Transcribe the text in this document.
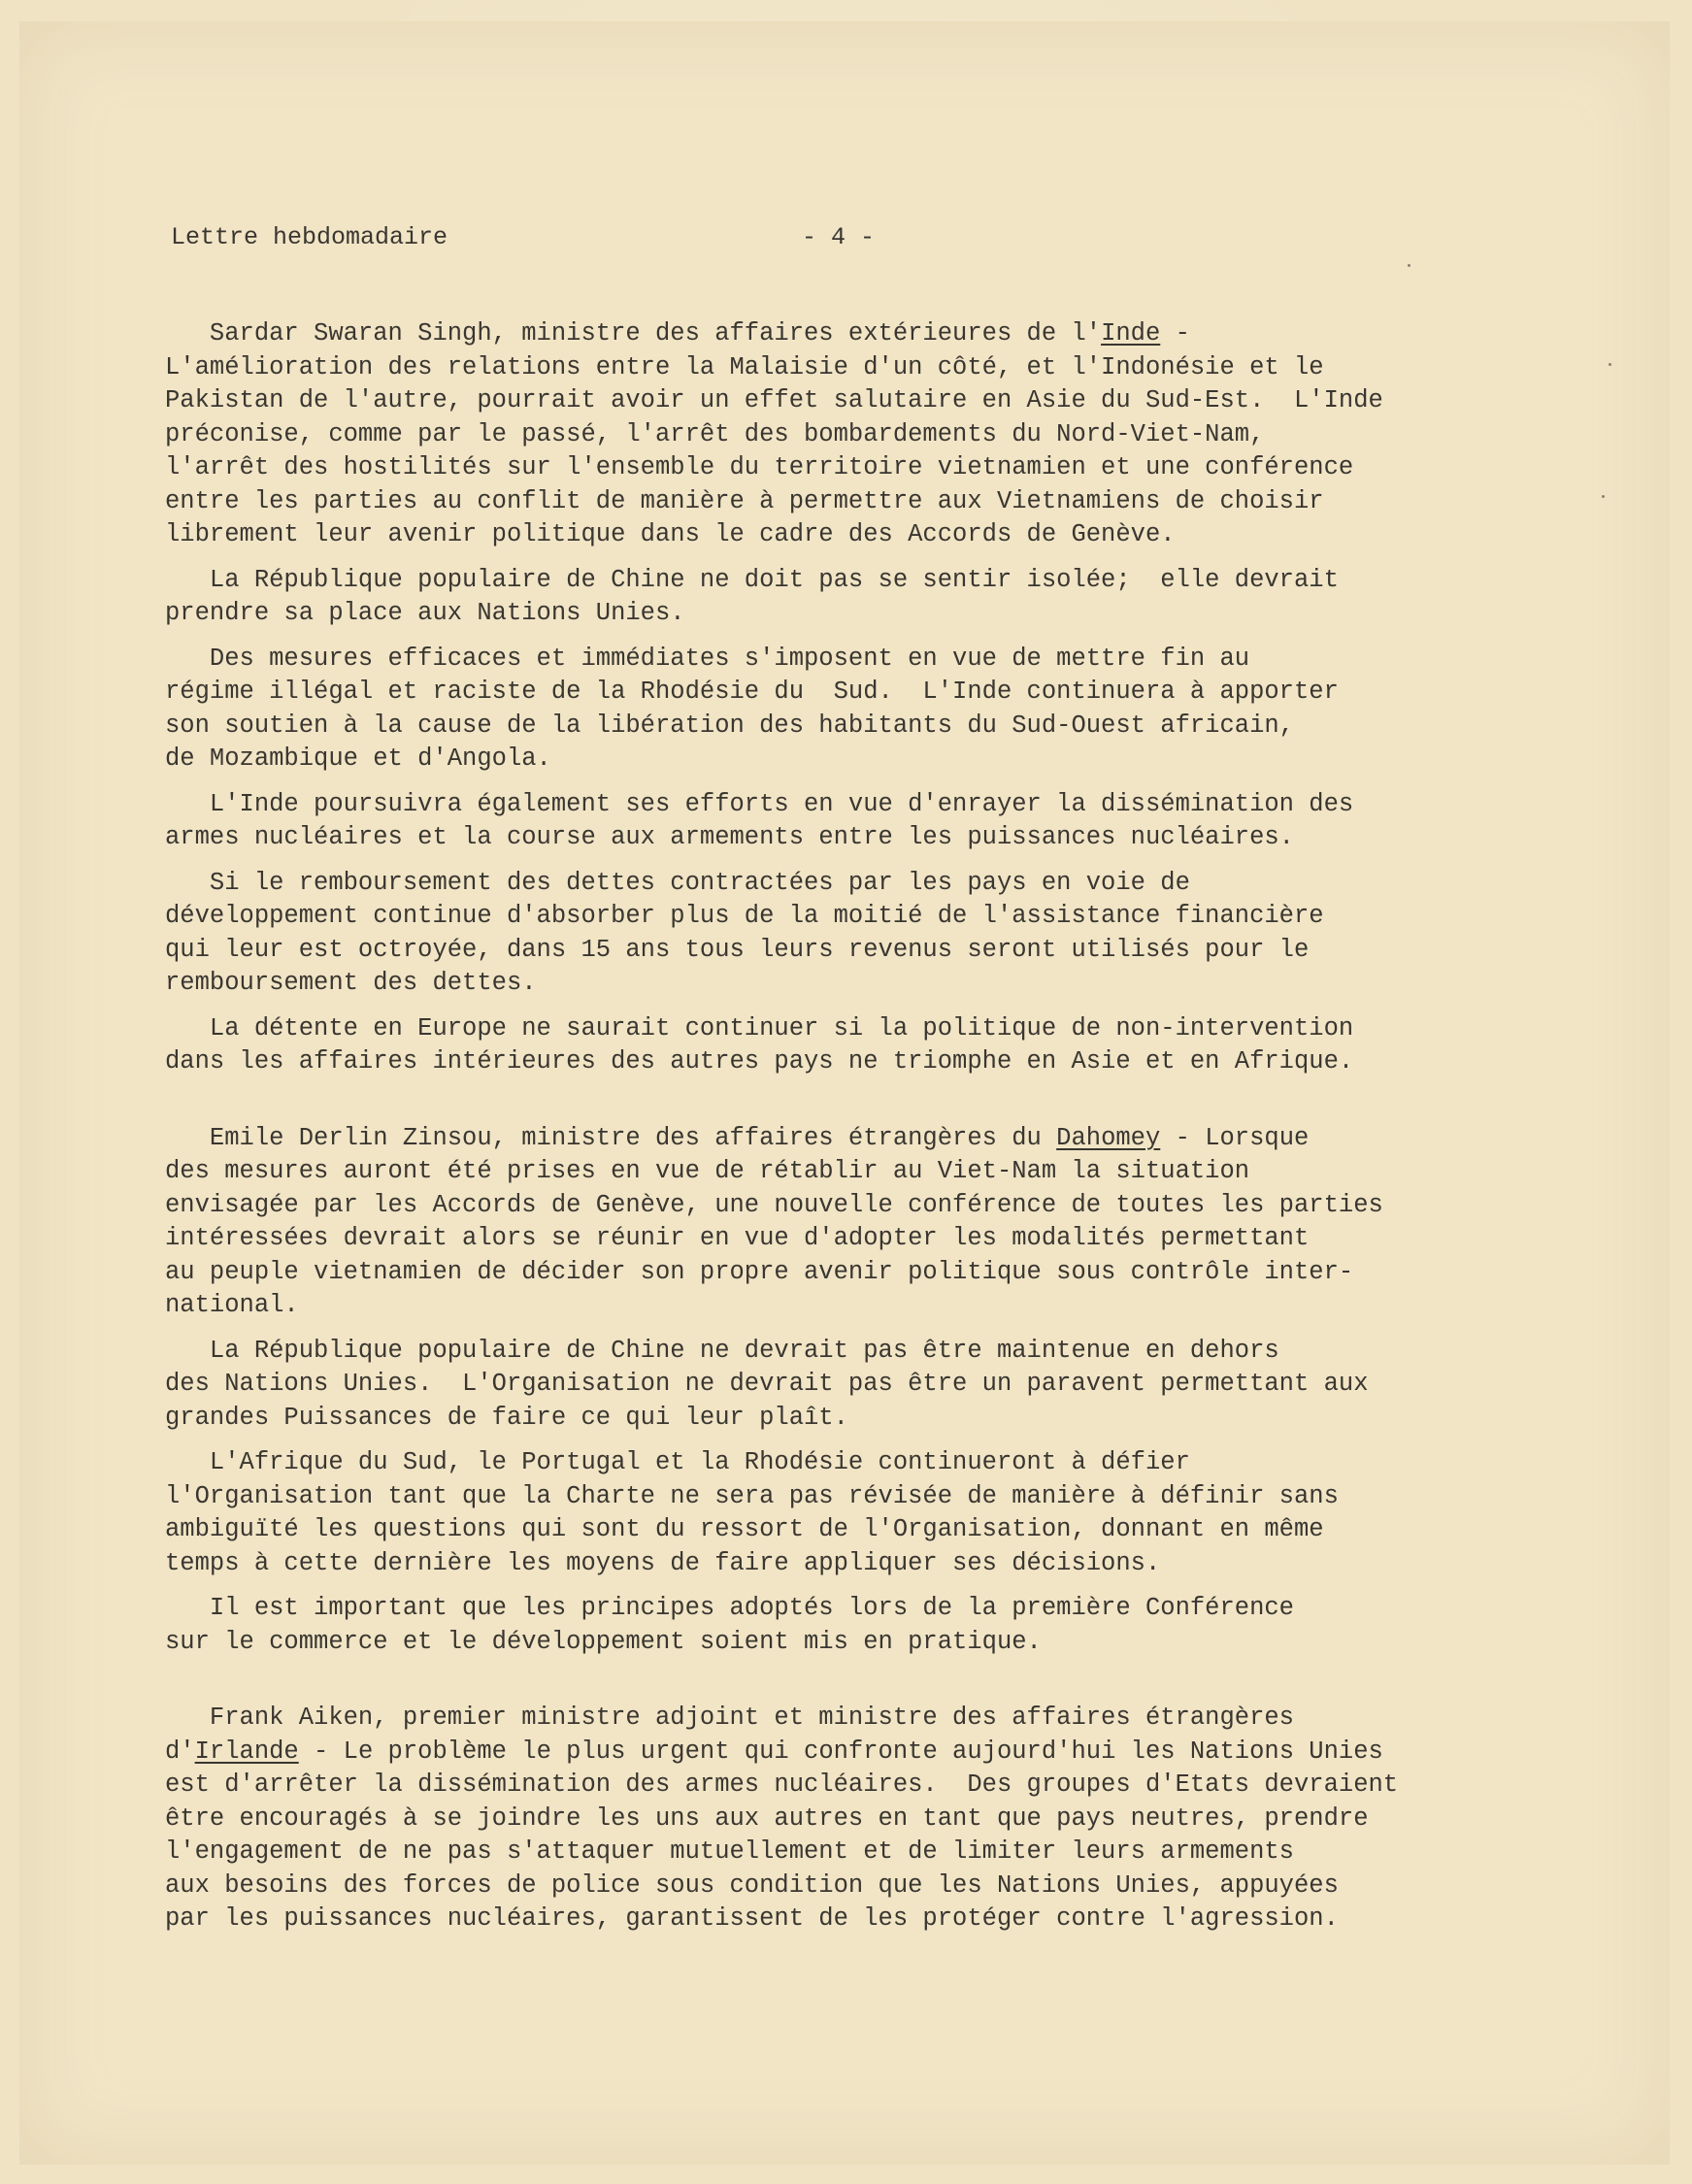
Lettre hebdomadaire	- 4 -
Sardar Swaran Singh, ministre des affaires extérieures de l'Inde -
L'amélioration des relations entre la Malaisie d'un côté, et l'Indonésie et le
Pakistan de l'autre, pourrait avoir un effet salutaire en Asie du Sud-Est.  L'Inde
préconise, comme par le passé, l'arrêt des bombardements du Nord-Viet-Nam,
l'arrêt des hostilités sur l'ensemble du territoire vietnamien et une conférence
entre les parties au conflit de manière à permettre aux Vietnamiens de choisir
librement leur avenir politique dans le cadre des Accords de Genève.
La République populaire de Chine ne doit pas se sentir isolée;  elle devrait
prendre sa place aux Nations Unies.
Des mesures efficaces et immédiates s'imposent en vue de mettre fin au
régime illégal et raciste de la Rhodésie du  Sud.  L'Inde continuera à apporter
son soutien à la cause de la libération des habitants du Sud-Ouest africain,
de Mozambique et d'Angola.
L'Inde poursuivra également ses efforts en vue d'enrayer la dissémination des
armes nucléaires et la course aux armements entre les puissances nucléaires.
Si le remboursement des dettes contractées par les pays en voie de
développement continue d'absorber plus de la moitié de l'assistance financière
qui leur est octroyée, dans 15 ans tous leurs revenus seront utilisés pour le
remboursement des dettes.
La détente en Europe ne saurait continuer si la politique de non-intervention
dans les affaires intérieures des autres pays ne triomphe en Asie et en Afrique.
Emile Derlin Zinsou, ministre des affaires étrangères du Dahomey - Lorsque
des mesures auront été prises en vue de rétablir au Viet-Nam la situation
envisagée par les Accords de Genève, une nouvelle conférence de toutes les parties
intéressées devrait alors se réunir en vue d'adopter les modalités permettant
au peuple vietnamien de décider son propre avenir politique sous contrôle inter-
national.
La République populaire de Chine ne devrait pas être maintenue en dehors
des Nations Unies.  L'Organisation ne devrait pas être un paravent permettant aux
grandes Puissances de faire ce qui leur plaît.
L'Afrique du Sud, le Portugal et la Rhodésie continueront à défier
l'Organisation tant que la Charte ne sera pas révisée de manière à définir sans
ambiguïté les questions qui sont du ressort de l'Organisation, donnant en même
temps à cette dernière les moyens de faire appliquer ses décisions.
Il est important que les principes adoptés lors de la première Conférence
sur le commerce et le développement soient mis en pratique.
Frank Aiken, premier ministre adjoint et ministre des affaires étrangères
d'Irlande - Le problème le plus urgent qui confronte aujourd'hui les Nations Unies
est d'arrêter la dissémination des armes nucléaires.  Des groupes d'Etats devraient
être encouragés à se joindre les uns aux autres en tant que pays neutres, prendre
l'engagement de ne pas s'attaquer mutuellement et de limiter leurs armements
aux besoins des forces de police sous condition que les Nations Unies, appuyées
par les puissances nucléaires, garantissent de les protéger contre l'agression.
